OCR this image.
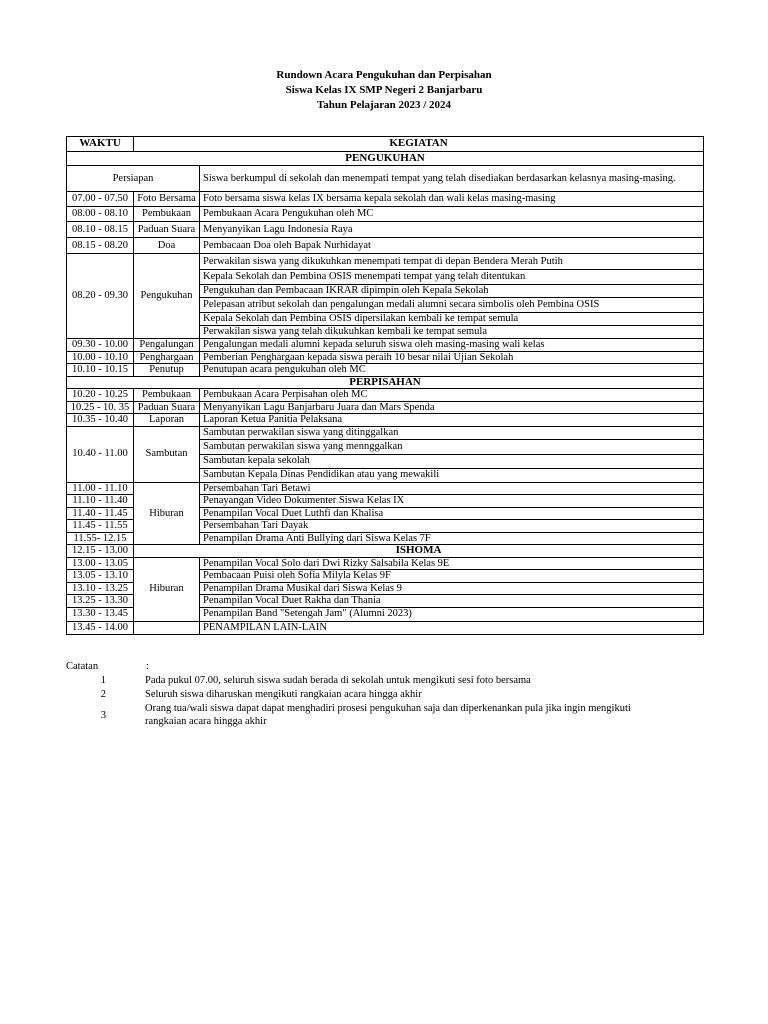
Rundown Acara Pengukuhan dan Perpisahan
Siswa Kelas IX SMP Negeri 2 Banjarbaru
Tahun Pelajaran 2023 / 2024
WAKTU	KEGIATAN	
PENGUKUHAN		
Persiapan		Siswa berkumpul di sekolah dan menempati tempat yang telah disediakan berdasarkan kelasnya masing-masing.
07.00 - 07.50	Foto Bersama	Foto bersama siswa kelas IX bersama kepala sekolah dan wali kelas masing-masing
08.00 - 08.10	Pembukaan	Pembukaan Acara Pengukuhan oleh MC
08.10 - 08.15	Paduan Suara	Menyanyikan Lagu Indonesia Raya
08.15 - 08.20	Doa	Pembacaan Doa oleh Bapak Nurhidayat
08.20 - 09.30	Pengukuhan	Perwakilan siswa yang dikukuhkan menempati tempat di depan Bendera Merah Putih
		Kepala Sekolah dan Pembina OSIS menempati tempat yang telah ditentukan
		Pengukuhan dan Pembacaan IKRAR dipimpin oleh Kepala Sekolah
		Pelepasan atribut sekolah dan pengalungan medali alumni secara simbolis oleh Pembina OSIS
		Kepala Sekolah dan Pembina OSIS dipersilakan kembali ke tempat semula
		Perwakilan siswa yang telah dikukuhkan kembali ke tempat semula
09.30 - 10.00	Pengalungan	Pengalungan medali alumni kepada seluruh siswa oleh masing-masing wali kelas
10.00 - 10.10	Penghargaan	Pemberian Penghargaan kepada siswa peraih 10 besar nilai Ujian Sekolah
10.10 - 10.15	Penutup	Penutupan acara pengukuhan oleh MC
PERPISAHAN		
10.20 - 10.25	Pembukaan	Pembukaan Acara Perpisahan oleh MC
10.25 - 10. 35	Paduan Suara	Menyanyikan Lagu Banjarbaru Juara dan Mars Spenda
10.35 - 10.40	Laporan	Laporan Ketua Panitia Pelaksana
10.40 - 11.00	Sambutan	Sambutan perwakilan siswa yang ditinggalkan
		Sambutan perwakilan siswa yang mennggalkan
		Sambutan kepala sekolah
		Sambutan Kepala Dinas Pendidikan atau yang mewakili
11.00 - 11.10	Hiburan	Persembahan Tari Betawi
11.10 - 11.40		Penayangan Video Dokumenter Siswa Kelas IX
11.40 - 11.45		Penampilan Vocal Duet Luthfi dan Khalisa
11.45 - 11.55		Persembahan Tari Dayak
11.55- 12.15		Penampilan Drama Anti Bullying dari Siswa Kelas 7F
12.15 - 13.00	ISHOMA	
13.00 - 13.05	Hiburan	Penampilan Vocal Solo dari Dwi Rizky Salsabila Kelas 9E
13.05 - 13.10		Pembacaan Puisi oleh Sofia Milyla Kelas 9F
13.10 - 13.25		Penampilan Drama Musikal dari Siswa Kelas 9
13.25 - 13.30		Penampilan Vocal Duet Rakha dan Thania
13.30 - 13.45		Penampilan Band "Setengah Jam" (Alumni 2023)
13.45 - 14.00		PENAMPILAN LAIN-LAIN
Catatan	:
1	Pada pukul 07.00, seluruh siswa sudah berada di sekolah untuk mengikuti sesi foto bersama
2	Seluruh siswa diharuskan mengikuti rangkaian acara hingga akhir
3
Orang tua/wali siswa dapat dapat menghadiri prosesi pengukuhan saja dan diperkenankan pula jika ingin mengikuti rangkaian acara hingga akhir
